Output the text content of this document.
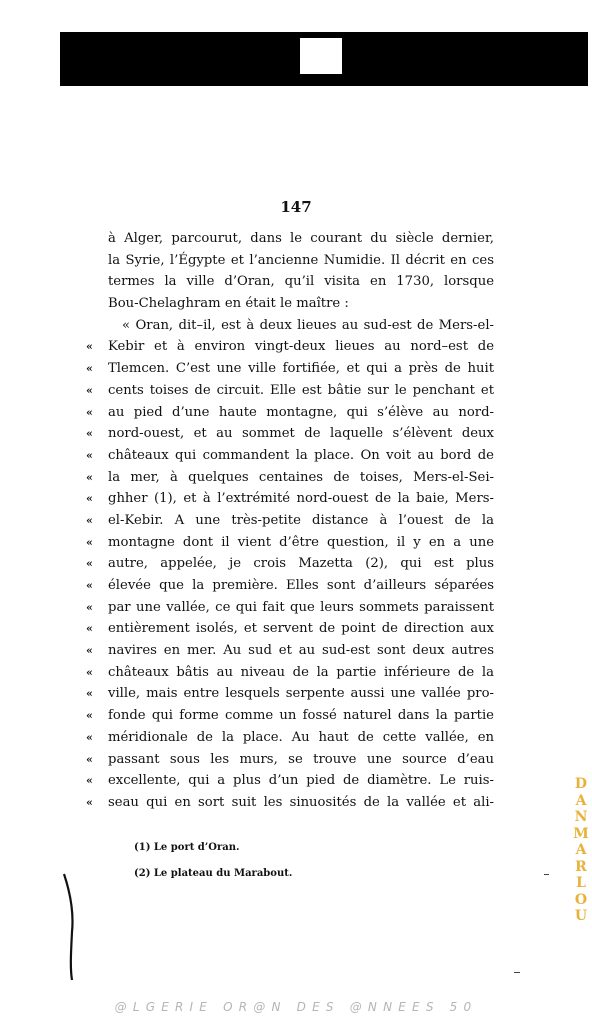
147
à Alger, parcourut, dans le courant du siècle dernier,
la Syrie, l’Égypte et l’ancienne Numidie. Il décrit en ces
termes la ville d’Oran, qu’il visita en 1730, lorsque
Bou-Chelaghram en était le maître :
« Oran, dit–il, est à deux lieues au sud-est de Mers-el-
«	Kebir et à environ vingt-deux lieues au nord–est de
«	Tlemcen. C’est une ville fortifiée, et qui a près de huit
«	cents toises de circuit. Elle est bâtie sur le penchant et
«	au pied d’une haute montagne, qui s’élève au nord-
«	nord-ouest, et au sommet de laquelle s’élèvent deux
«	châteaux qui commandent la place. On voit au bord de
«	la mer, à quelques centaines de toises, Mers-el-Sei-
«	ghher (1), et à l’extrémité nord-ouest de la baie, Mers-
«	el-Kebir. A une très-petite distance à l’ouest de la
«	montagne dont il vient d’être question, il y en a une
«	autre, appelée, je crois Mazetta (2), qui est plus
«	élevée que la première. Elles sont d’ailleurs séparées
«	par une vallée, ce qui fait que leurs sommets paraissent
«	entièrement isolés, et servent de point de direction aux
«	navires en mer. Au sud et au sud-est sont deux autres
«	châteaux bâtis au niveau de la partie inférieure de la
«	ville, mais entre lesquels serpente aussi une vallée pro-
«	fonde qui forme comme un fossé naturel dans la partie
«	méridionale de la place. Au haut de cette vallée, en
«	passant sous les murs, se trouve une source d’eau
«	excellente, qui a plus d’un pied de diamètre. Le ruis-
«	seau qui en sort suit les sinuosités de la vallée et ali-
(1) Le port d’Oran.
(2) Le plateau du Marabout.
D
A
N
M
A
R
L
O
U
@LGERIE OR@N DES @NNEES 50
